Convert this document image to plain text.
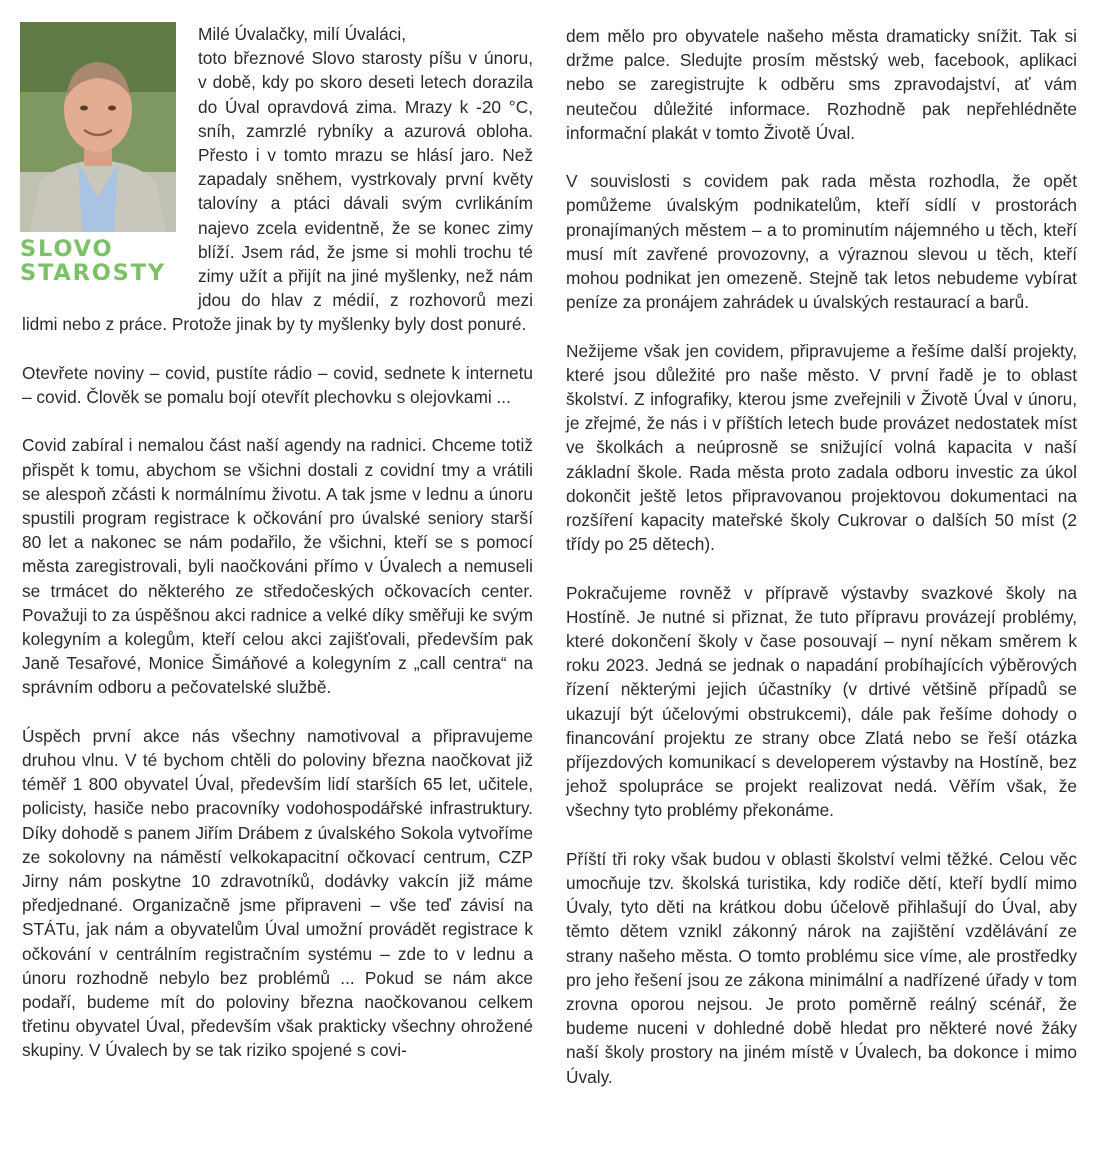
SLOVO
STAROSTY

Milé Úvalačky, milí Úvaláci,
toto březnové Slovo starosty píšu v únoru, v době, kdy po skoro deseti letech dorazila do Úval opravdová zima. Mrazy k -20 °C, sníh, zamrzlé rybníky a azurová obloha. Přesto i v tomto mrazu se hlásí jaro. Než zapadaly sněhem, vystrkovaly první květy talovíny a ptáci dávali svým cvrlikáním najevo zcela evidentně, že se konec zimy blíží. Jsem rád, že jsme si mohli trochu té zimy užít a přijít na jiné myšlenky, než nám jdou do hlav z médií, z rozhovorů mezi lidmi nebo z práce. Protože jinak by ty myšlenky byly dost ponuré.

Otevřete noviny – covid, pustíte rádio – covid, sednete k internetu – covid. Člověk se pomalu bojí otevřít plechovku s olejovkami ...

Covid zabíral i nemalou část naší agendy na radnici. Chceme totiž přispět k tomu, abychom se všichni dostali z covidní tmy a vrátili se alespoň zčásti k normálnímu životu. A tak jsme v lednu a únoru spustili program registrace k očkování pro úvalské seniory starší 80 let a nakonec se nám podařilo, že všichni, kteří se s pomocí města zaregistrovali, byli naočkováni přímo v Úvalech a nemuseli se trmácet do některého ze středočeských očkovacích center. Považuji to za úspěšnou akci radnice a velké díky směřuji ke svým kolegyním a kolegům, kteří celou akci zajišťovali, především pak Janě Tesařové, Monice Šimáňové a kolegyním z „call centra“ na správním odboru a pečovatelské službě.

Úspěch první akce nás všechny namotivoval a připravujeme druhou vlnu. V té bychom chtěli do poloviny března naočkovat již téměř 1 800 obyvatel Úval, především lidí starších 65 let, učitele, policisty, hasiče nebo pracovníky vodohospodářské infrastruktury. Díky dohodě s panem Jiřím Drábem z úvalského Sokola vytvoříme ze sokolovny na náměstí velkokapacitní očkovací centrum, CZP Jirny nám poskytne 10 zdravotníků, dodávky vakcín již máme předjednané. Organizačně jsme připraveni – vše teď závisí na STÁTu, jak nám a obyvatelům Úval umožní provádět registrace k očkování v centrálním registračním systému – zde to v lednu a únoru rozhodně nebylo bez problémů ... Pokud se nám akce podaří, budeme mít do poloviny března naočkovanou celkem třetinu obyvatel Úval, především však prakticky všechny ohrožené skupiny. V Úvalech by se tak riziko spojené s covi-

dem mělo pro obyvatele našeho města dramaticky snížit. Tak si držme palce. Sledujte prosím městský web, facebook, aplikaci nebo se zaregistrujte k odběru sms zpravodajství, ať vám neutečou důležité informace. Rozhodně pak nepřehlédněte informační plakát v tomto Životě Úval.

V souvislosti s covidem pak rada města rozhodla, že opět pomůžeme úvalským podnikatelům, kteří sídlí v prostorách pronajímaných městem – a to prominutím nájemného u těch, kteří musí mít zavřené provozovny, a výraznou slevou u těch, kteří mohou podnikat jen omezeně. Stejně tak letos nebudeme vybírat peníze za pronájem zahrádek u úvalských restaurací a barů.

Nežijeme však jen covidem, připravujeme a řešíme další projekty, které jsou důležité pro naše město. V první řadě je to oblast školství. Z infografiky, kterou jsme zveřejnili v Životě Úval v únoru, je zřejmé, že nás i v příštích letech bude provázet nedostatek míst ve školkách a neúprosně se snižující volná kapacita v naší základní škole. Rada města proto zadala odboru investic za úkol dokončit ještě letos připravovanou projektovou dokumentaci na rozšíření kapacity mateřské školy Cukrovar o dalších 50 míst (2 třídy po 25 dětech).

Pokračujeme rovněž v přípravě výstavby svazkové školy na Hostíně. Je nutné si přiznat, že tuto přípravu provázejí problémy, které dokončení školy v čase posouvají – nyní někam směrem k roku 2023. Jedná se jednak o napadání probíhajících výběrových řízení některými jejich účastníky (v drtivé většině případů se ukazují být účelovými obstrukcemi), dále pak řešíme dohody o financování projektu ze strany obce Zlatá nebo se řeší otázka příjezdových komunikací s developerem výstavby na Hostíně, bez jehož spolupráce se projekt realizovat nedá. Věřím však, že všechny tyto problémy překonáme.

Příští tři roky však budou v oblasti školství velmi těžké. Celou věc umocňuje tzv. školská turistika, kdy rodiče dětí, kteří bydlí mimo Úvaly, tyto děti na krátkou dobu účelově přihlašují do Úval, aby těmto dětem vznikl zákonný nárok na zajištění vzdělávání ze strany našeho města. O tomto problému sice víme, ale prostředky pro jeho řešení jsou ze zákona minimální a nadřízené úřady v tom zrovna oporou nejsou. Je proto poměrně reálný scénář, že budeme nuceni v dohledné době hledat pro některé nové žáky naší školy prostory na jiném místě v Úvalech, ba dokonce i mimo Úvaly.
